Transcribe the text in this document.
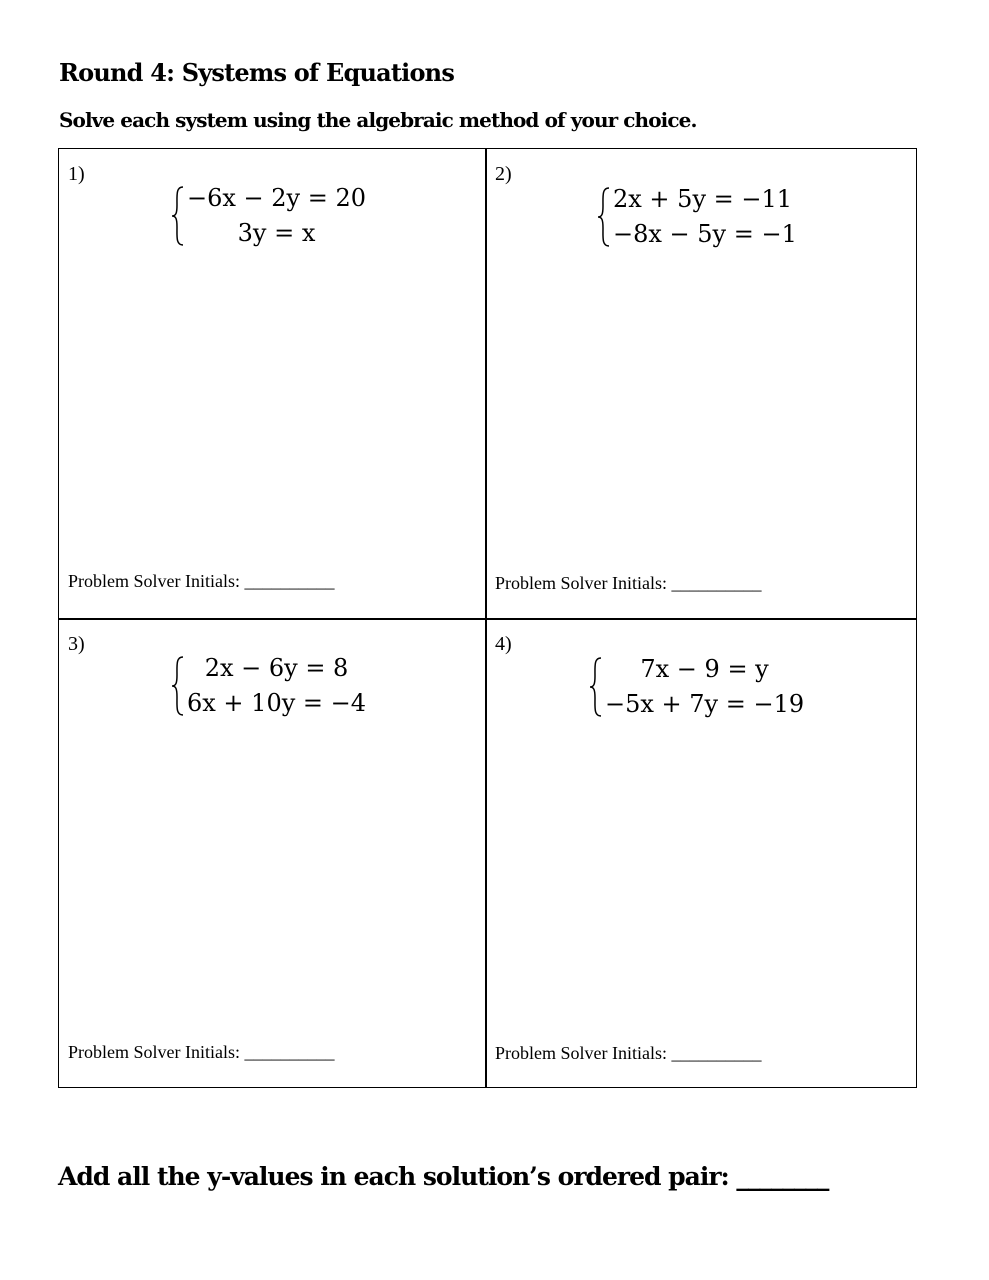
Round 4: Systems of Equations
Solve each system using the algebraic method of your choice.
1)
−6x − 2y = 20
3y = x
Problem Solver Initials: __________
2)
2x + 5y = −11
−8x − 5y = −1
Problem Solver Initials: __________
3)
2x − 6y = 8
6x + 10y = −4
Problem Solver Initials: __________
4)
7x − 9 = y
−5x + 7y = −19
Problem Solver Initials: __________
Add all the y-values in each solution’s ordered pair: ________
